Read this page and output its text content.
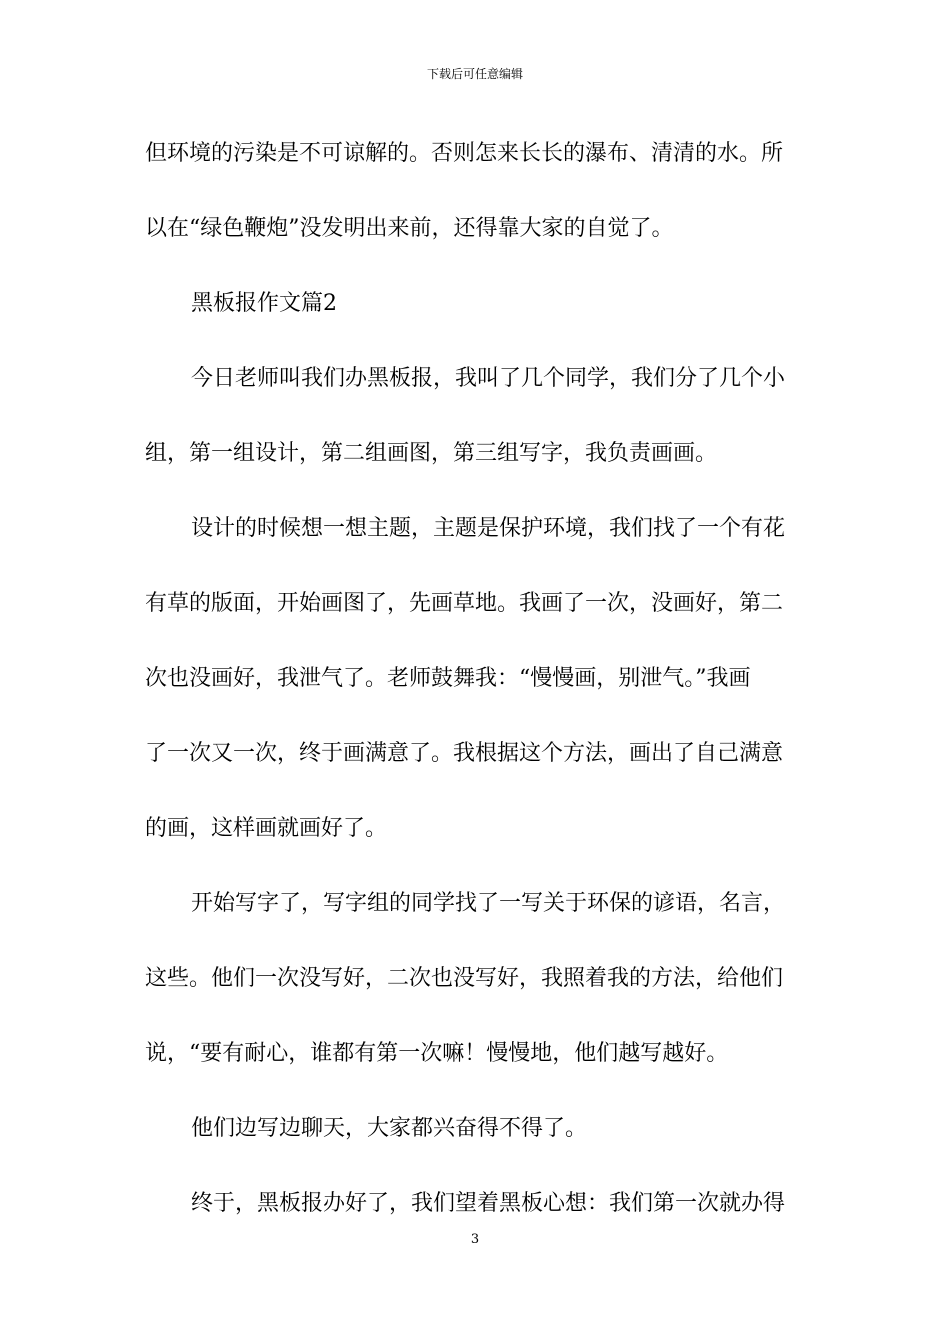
下载后可任意编辑
但环境的污染是不可谅解的。否则怎来长长的瀑布、清清的水。所
以在“绿色鞭炮”没发明出来前，还得靠大家的自觉了。
黑板报作文篇2
今日老师叫我们办黑板报，我叫了几个同学，我们分了几个小
组，第一组设计，第二组画图，第三组写字，我负责画画。
设计的时候想一想主题，主题是保护环境，我们找了一个有花
有草的版面，开始画图了，先画草地。我画了一次，没画好，第二
次也没画好，我泄气了。老师鼓舞我：“慢慢画，别泄气。”我画
了一次又一次，终于画满意了。我根据这个方法，画出了自己满意
的画，这样画就画好了。
开始写字了，写字组的同学找了一写关于环保的谚语，名言，
这些。他们一次没写好，二次也没写好，我照着我的方法，给他们
说，“要有耐心，谁都有第一次嘛！慢慢地，他们越写越好。
他们边写边聊天，大家都兴奋得不得了。
终于，黑板报办好了，我们望着黑板心想：我们第一次就办得
3
